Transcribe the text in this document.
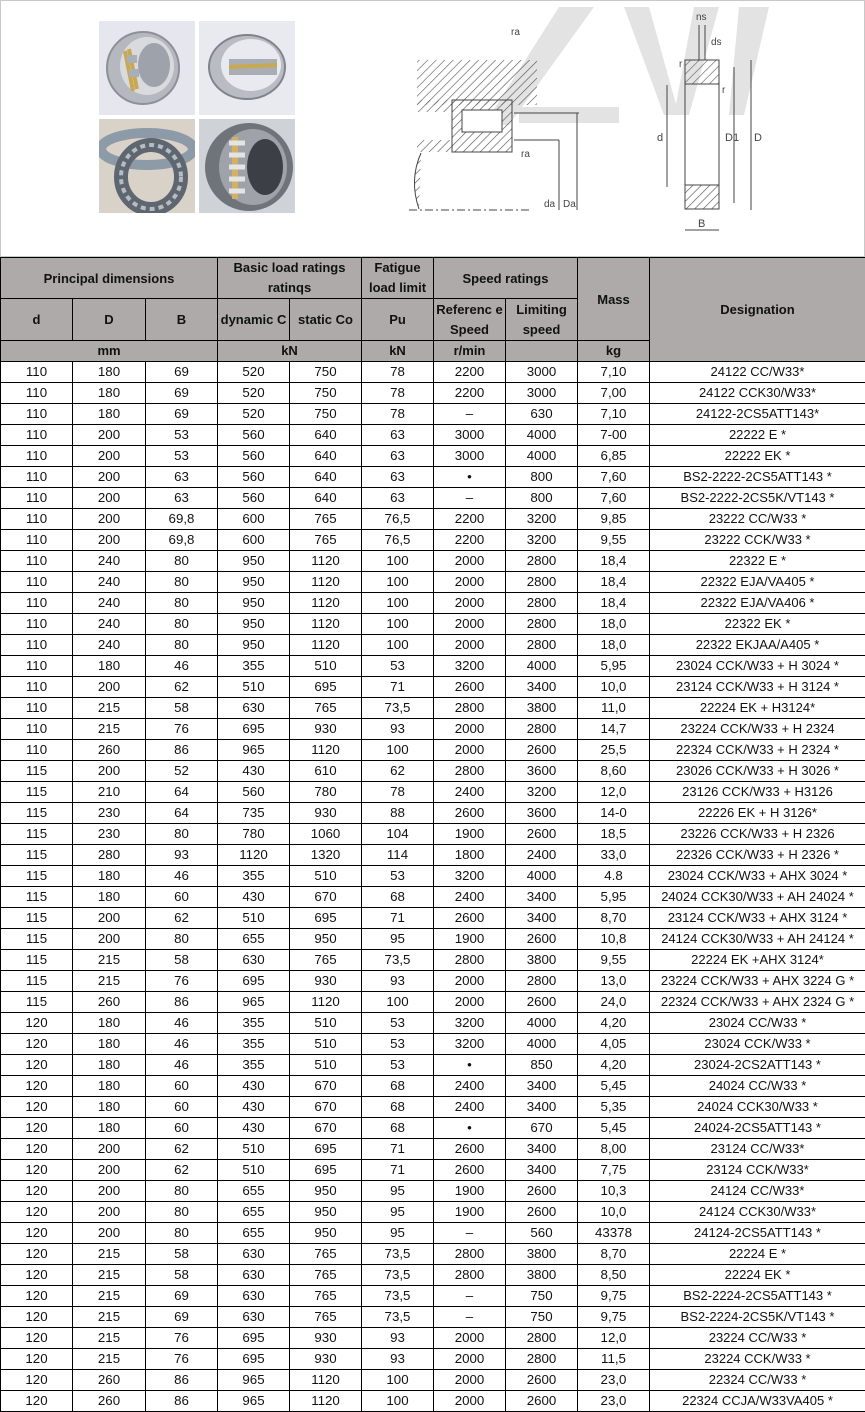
ra
ra
da Da
ns
ds
r
r
d	D1 D
B
Principal dimensions			Basic load ratings ratinqs		Fatigue load limit	Speed ratings		Mass	Designation
d	D	B	dynamic C	static Co	Pu	Referenc e Speed	Limiting speed		
mm			kN		kN	r/min		kg	
110	180	69	520	750	78	2200	3000	7,10	24122 CC/W33*
110	180	69	520	750	78	2200	3000	7,00	24122 CCK30/W33*
110	180	69	520	750	78	–	630	7,10	24122-2CS5ATT143*
110	200	53	560	640	63	3000	4000	7-00	22222 E *
110	200	53	560	640	63	3000	4000	6,85	22222 EK *
110	200	63	560	640	63	•	800	7,60	BS2-2222-2CS5ATT143 *
110	200	63	560	640	63	–	800	7,60	BS2-2222-2CS5K/VT143 *
110	200	69,8	600	765	76,5	2200	3200	9,85	23222 CC/W33 *
110	200	69,8	600	765	76,5	2200	3200	9,55	23222 CCK/W33 *
110	240	80	950	1120	100	2000	2800	18,4	22322 E *
110	240	80	950	1120	100	2000	2800	18,4	22322 EJA/VA405 *
110	240	80	950	1120	100	2000	2800	18,4	22322 EJA/VA406 *
110	240	80	950	1120	100	2000	2800	18,0	22322 EK *
110	240	80	950	1120	100	2000	2800	18,0	22322 EKJAA/A405 *
110	180	46	355	510	53	3200	4000	5,95	23024 CCK/W33 + H 3024 *
110	200	62	510	695	71	2600	3400	10,0	23124 CCK/W33 + H 3124 *
110	215	58	630	765	73,5	2800	3800	11,0	22224 EK + H3124*
110	215	76	695	930	93	2000	2800	14,7	23224 CCK/W33 + H 2324
110	260	86	965	1120	100	2000	2600	25,5	22324 CCK/W33 + H 2324 *
115	200	52	430	610	62	2800	3600	8,60	23026 CCK/W33 + H 3026 *
115	210	64	560	780	78	2400	3200	12,0	23126 CCK/W33 + H3126
115	230	64	735	930	88	2600	3600	14-0	22226 EK + H 3126*
115	230	80	780	1060	104	1900	2600	18,5	23226 CCK/W33 + H 2326
115	280	93	1120	1320	114	1800	2400	33,0	22326 CCK/W33 + H 2326 *
115	180	46	355	510	53	3200	4000	4.8	23024 CCK/W33 + AHX 3024 *
115	180	60	430	670	68	2400	3400	5,95	24024 CCK30/W33 + AH 24024 *
115	200	62	510	695	71	2600	3400	8,70	23124 CCK/W33 + AHX 3124 *
115	200	80	655	950	95	1900	2600	10,8	24124 CCK30/W33 + AH 24124 *
115	215	58	630	765	73,5	2800	3800	9,55	22224 EK +AHX 3124*
115	215	76	695	930	93	2000	2800	13,0	23224 CCK/W33 + AHX 3224 G *
115	260	86	965	1120	100	2000	2600	24,0	22324 CCK/W33 + AHX 2324 G *
120	180	46	355	510	53	3200	4000	4,20	23024 CC/W33 *
120	180	46	355	510	53	3200	4000	4,05	23024 CCK/W33 *
120	180	46	355	510	53	•	850	4,20	23024-2CS2ATT143 *
120	180	60	430	670	68	2400	3400	5,45	24024 CC/W33 *
120	180	60	430	670	68	2400	3400	5,35	24024 CCK30/W33 *
120	180	60	430	670	68	•	670	5,45	24024-2CS5ATT143 *
120	200	62	510	695	71	2600	3400	8,00	23124 CC/W33*
120	200	62	510	695	71	2600	3400	7,75	23124 CCK/W33*
120	200	80	655	950	95	1900	2600	10,3	24124 CC/W33*
120	200	80	655	950	95	1900	2600	10,0	24124 CCK30/W33*
120	200	80	655	950	95	–	560	43378	24124-2CS5ATT143 *
120	215	58	630	765	73,5	2800	3800	8,70	22224 E *
120	215	58	630	765	73,5	2800	3800	8,50	22224 EK *
120	215	69	630	765	73,5	–	750	9,75	BS2-2224-2CS5ATT143 *
120	215	69	630	765	73,5	–	750	9,75	BS2-2224-2CS5K/VT143 *
120	215	76	695	930	93	2000	2800	12,0	23224 CC/W33 *
120	215	76	695	930	93	2000	2800	11,5	23224 CCK/W33 *
120	260	86	965	1120	100	2000	2600	23,0	22324 CC/W33 *
120	260	86	965	1120	100	2000	2600	23,0	22324 CCJA/W33VA405 *
